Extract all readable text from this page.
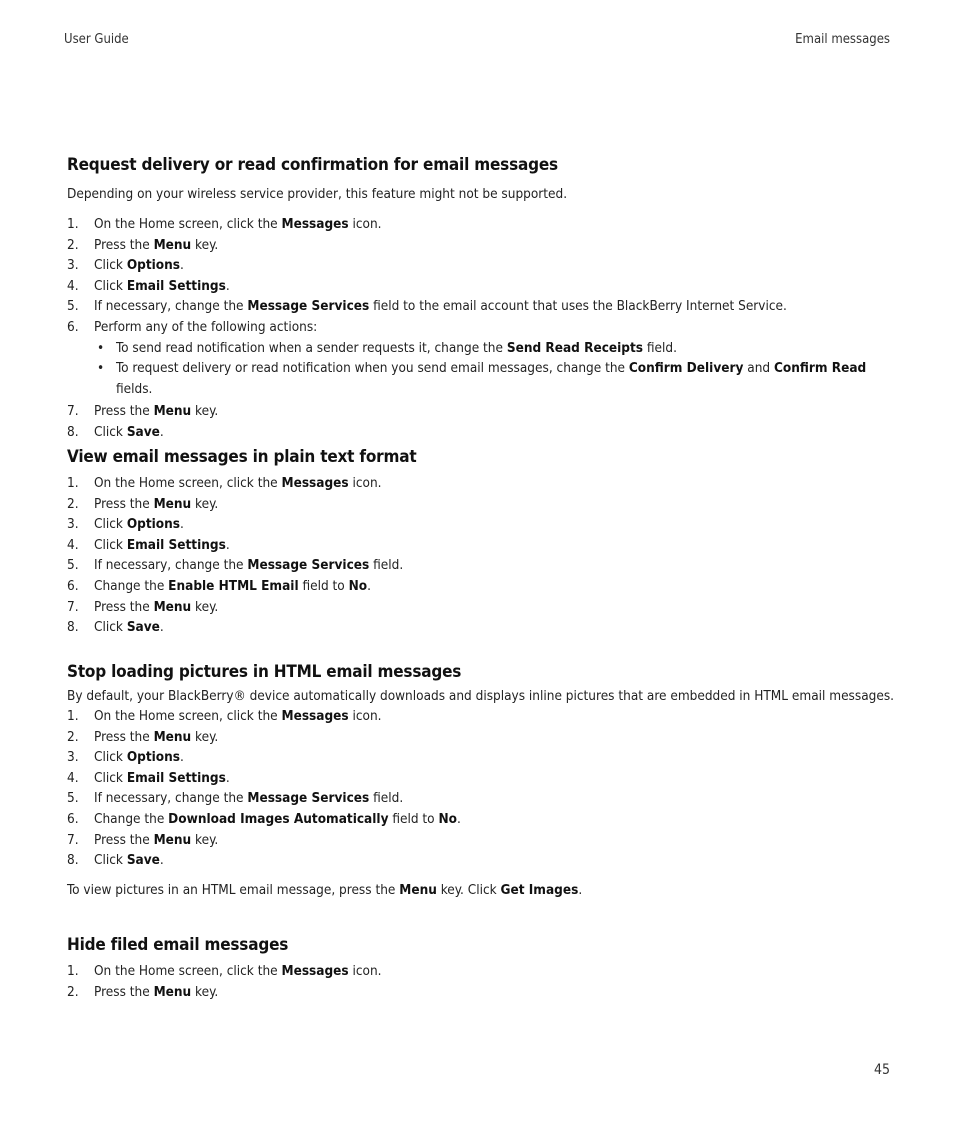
User Guide	Email messages
Request delivery or read confirmation for email messages

Depending on your wireless service provider, this feature might not be supported.

1. On the Home screen, click the Messages icon.
2. Press the Menu key.
3. Click Options.
4. Click Email Settings.
5. If necessary, change the Message Services field to the email account that uses the BlackBerry Internet Service.
6. Perform any of the following actions:
• To send read notification when a sender requests it, change the Send Read Receipts field.
• To request delivery or read notification when you send email messages, change the Confirm Delivery and Confirm Read fields.
7. Press the Menu key.
8. Click Save.
View email messages in plain text format
1. On the Home screen, click the Messages icon.
2. Press the Menu key.
3. Click Options.
4. Click Email Settings.
5. If necessary, change the Message Services field.
6. Change the Enable HTML Email field to No.
7. Press the Menu key.
8. Click Save.
Stop loading pictures in HTML email messages

By default, your BlackBerry® device automatically downloads and displays inline pictures that are embedded in HTML email messages.

1. On the Home screen, click the Messages icon.
2. Press the Menu key.
3. Click Options.
4. Click Email Settings.
5. If necessary, change the Message Services field.
6. Change the Download Images Automatically field to No.
7. Press the Menu key.
8. Click Save.

To view pictures in an HTML email message, press the Menu key. Click Get Images.

Hide filed email messages
1. On the Home screen, click the Messages icon.
2. Press the Menu key.
45
